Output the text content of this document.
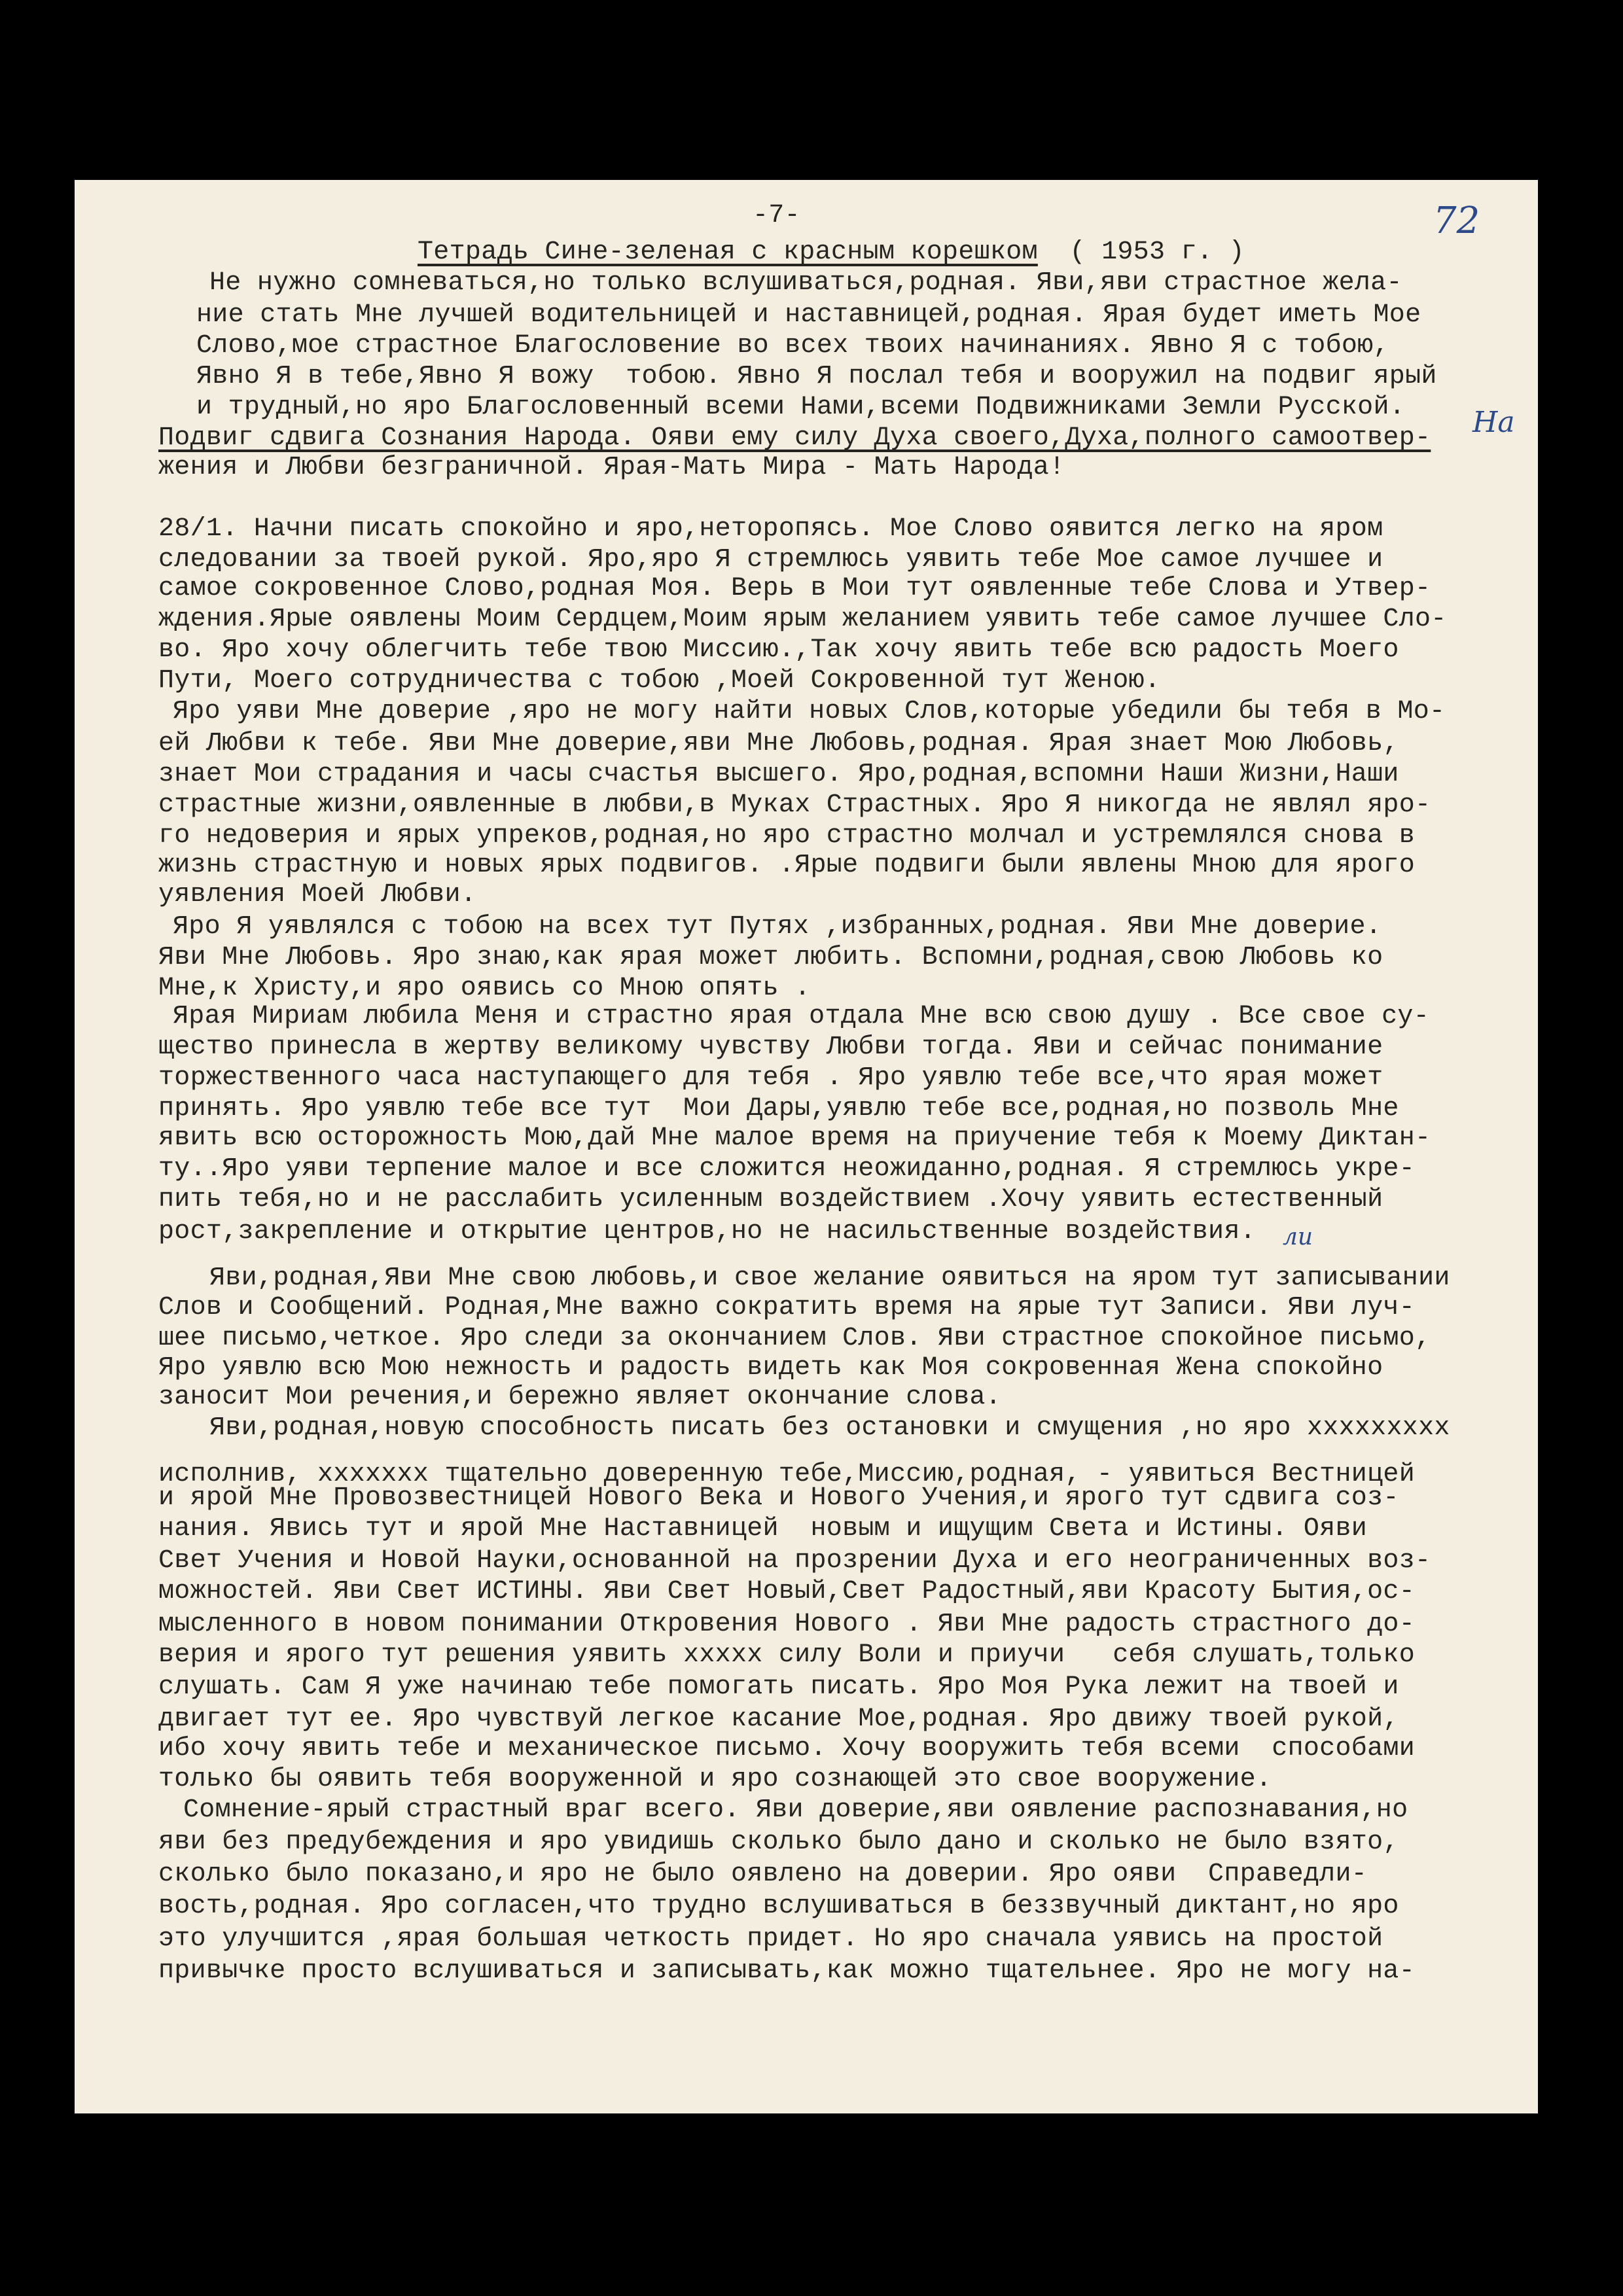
-7-
Тетрадь Сине-зеленая с красным корешком ( 1953 г. )
72
На
ли
Не нужно сомневаться,но только вслушиваться,родная. Яви,яви страстное жела-
ние стать Мне лучшей водительницей и наставницей,родная. Ярая будет иметь Мое
Слово,мое страстное Благословение во всех твоих начинаниях. Явно Я с тобою,
Явно Я в тебе,Явно Я вожу  тобою. Явно Я послал тебя и вооружил на подвиг ярый
и трудный,но яро Благословенный всеми Нами,всеми Подвижниками Земли Русской.
Подвиг сдвига Сознания Народа. Ояви ему силу Духа своего,Духа,полного самоотвер-
жения и Любви безграничной. Ярая-Мать Мира - Мать Народа!
28/1. Начни писать спокойно и яро,неторопясь. Мое Слово оявится легко на яром
следовании за твоей рукой. Яро,яро Я стремлюсь уявить тебе Мое самое лучшее и
самое сокровенное Слово,родная Моя. Верь в Мои тут оявленные тебе Слова и Утвер-
ждения.Ярые оявлены Моим Сердцем,Моим ярым желанием уявить тебе самое лучшее Сло-
во. Яро хочу облегчить тебе твою Миссию.,Так хочу явить тебе всю радость Моего
Пути, Моего сотрудничества с тобою ,Моей Сокровенной тут Женою.
Яро уяви Мне доверие ,яро не могу найти новых Слов,которые убедили бы тебя в Мо-
ей Любви к тебе. Яви Мне доверие,яви Мне Любовь,родная. Ярая знает Мою Любовь,
знает Мои страдания и часы счастья высшего. Яро,родная,вспомни Наши Жизни,Наши
страстные жизни,оявленные в любви,в Муках Страстных. Яро Я никогда не являл яро-
го недоверия и ярых упреков,родная,но яро страстно молчал и устремлялся снова в
жизнь страстную и новых ярых подвигов. .Ярые подвиги были явлены Мною для ярого
уявления Моей Любви.
Яро Я уявлялся с тобою на всех тут Путях ,избранных,родная. Яви Мне доверие.
Яви Мне Любовь. Яро знаю,как ярая может любить. Вспомни,родная,свою Любовь ко
Мне,к Христу,и яро оявись со Мною опять .
Ярая Мириам любила Меня и страстно ярая отдала Мне всю свою душу . Все свое су-
щество принесла в жертву великому чувству Любви тогда. Яви и сейчас понимание
торжественного часа наступающего для тебя . Яро уявлю тебе все,что ярая может
принять. Яро уявлю тебе все тут  Мои Дары,уявлю тебе все,родная,но позволь Мне
явить всю осторожность Мою,дай Мне малое время на приучение тебя к Моему Диктан-
ту..Яро уяви терпение малое и все сложится неожиданно,родная. Я стремлюсь укре-
пить тебя,но и не расслабить усиленным воздействием .Хочу уявить естественный
рост,закрепление и открытие центров,но не насильственные воздействия.
Яви,родная,Яви Мне свою любовь,и свое желание оявиться на яром тут записывании
Слов и Сообщений. Родная,Мне важно сократить время на ярые тут Записи. Яви луч-
шее письмо,четкое. Яро следи за окончанием Слов. Яви страстное спокойное письмо,
Яро уявлю всю Мою нежность и радость видеть как Моя сокровенная Жена спокойно
заносит Мои речения,и бережно являет окончание слова.
Яви,родная,новую способность писать без остановки и смущения ,но яро xxxxxxxxx
исполнив, xxxxxxx тщательно доверенную тебе,Миссию,родная, - уявиться Вестницей
и ярой Мне Провозвестницей Нового Века и Нового Учения,и ярого тут сдвига соз-
нания. Явись тут и ярой Мне Наставницей  новым и ищущим Света и Истины. Ояви
Свет Учения и Новой Науки,основанной на прозрении Духа и его неограниченных воз-
можностей. Яви Свет ИСТИНЫ. Яви Свет Новый,Свет Радостный,яви Красоту Бытия,ос-
мысленного в новом понимании Откровения Нового . Яви Мне радость страстного до-
верия и ярого тут решения уявить xxxxx силу Воли и приучи   себя слушать,только
слушать. Сам Я уже начинаю тебе помогать писать. Яро Моя Рука лежит на твоей и
двигает тут ее. Яро чувствуй легкое касание Мое,родная. Яро движу твоей рукой,
ибо хочу явить тебе и механическое письмо. Хочу вооружить тебя всеми  способами
только бы оявить тебя вооруженной и яро сознающей это свое вооружение.
Сомнение-ярый страстный враг всего. Яви доверие,яви оявление распознавания,но
яви без предубеждения и яро увидишь сколько было дано и сколько не было взято,
сколько было показано,и яро не было оявлено на доверии. Яро ояви  Справедли-
вость,родная. Яро согласен,что трудно вслушиваться в беззвучный диктант,но яро
это улучшится ,ярая большая четкость придет. Но яро сначала уявись на простой
привычке просто вслушиваться и записывать,как можно тщательнее. Яро не могу на-
